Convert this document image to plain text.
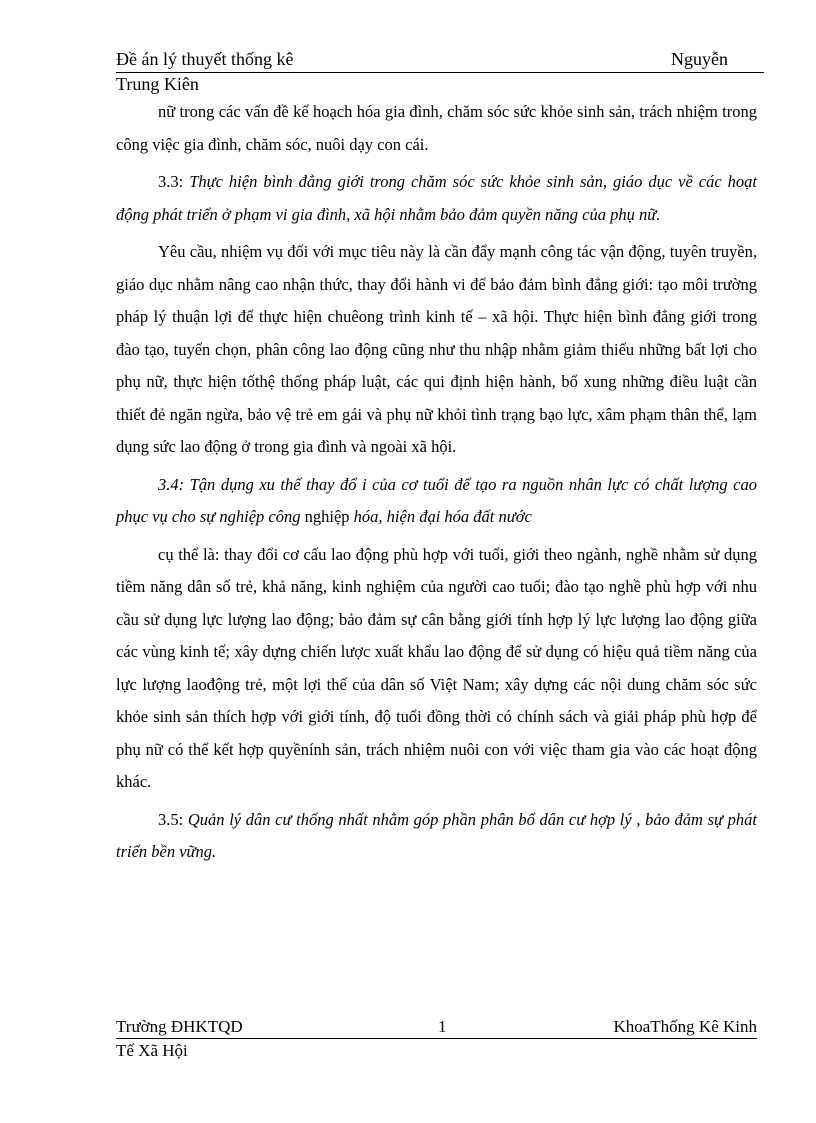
Đề án lý thuyết thống kê	Nguyễn
Trung Kiên

nữ trong các vấn đề kế hoạch hóa gia đình, chăm sóc sức khỏe sinh sản, trách nhiệm trong công việc gia đình, chăm sóc, nuôi dạy con cái.

3.3: Thực hiện bình đẳng giới trong chăm sóc sức khỏe sinh sản, giáo dục về các hoạt động phát triển ở phạm vi gia đình, xã hội nhằm bảo đảm quyền năng của phụ nữ.

Yêu cầu, nhiệm vụ đối với mục tiêu này là cần đẩy mạnh công tác vận động, tuyên truyền, giáo dục nhằm nâng cao nhận thức, thay đổi hành vi để bảo đảm bình đẳng giới: tạo môi trường pháp lý thuận lợi để thực hiện chuêong trình kinh tế – xã hội. Thực hiện bình đẳng giới trong đào tạo, tuyển chọn, phân công lao động cũng như thu nhập nhằm giảm thiểu những bất lợi cho phụ nữ, thực hiện tốthệ thống pháp luật, các qui định hiện hành, bổ xung những điều luật cần thiết đẻ ngăn ngừa, bảo vệ trẻ em gái và phụ nữ khỏi tình trạng bạo lực, xâm phạm thân thể, lạm dụng sức lao động ở trong gia đình và ngoài xã hội.

3.4: Tận dụng xu thế thay đổ i của cơ tuổi để tạo ra nguồn nhân lực có chất lượng cao phục vụ cho sự nghiệp công nghiệp hóa, hiện đại hóa đất nước

cụ thể là: thay đổi cơ cấu lao động phù hợp với tuổi, giới theo ngành, nghề nhằm sử dụng tiềm năng dân số trẻ, khả năng, kinh nghiệm của người cao tuổi; đào tạo nghề phù hợp với nhu cầu sử dụng lực lượng lao động; bảo đảm sự cân bằng giới tính hợp lý lực lượng lao động giữa các vùng kinh tế; xây dựng chiến lược xuất khẩu lao động để sử dụng có hiệu quả tiềm năng của lực lượng laođộng trẻ, một lợi thế của dân số Việt Nam; xây dựng các nội dung chăm sóc sức khỏe sinh sản thích hợp với giới tính, độ tuổi đồng thời có chính sách và giải pháp phù hợp để phụ nữ có thể kết hợp quyềnính sản, trách nhiệm nuôi con với việc tham gia vào các hoạt động khác.

3.5: Quản lý dân cư thống nhất nhằm góp phần phân bổ dân cư hợp lý , bảo đảm sự phát triển bền vững.

Trường ĐHKTQD	1	KhoaThống Kê Kinh
Tế Xã Hội
